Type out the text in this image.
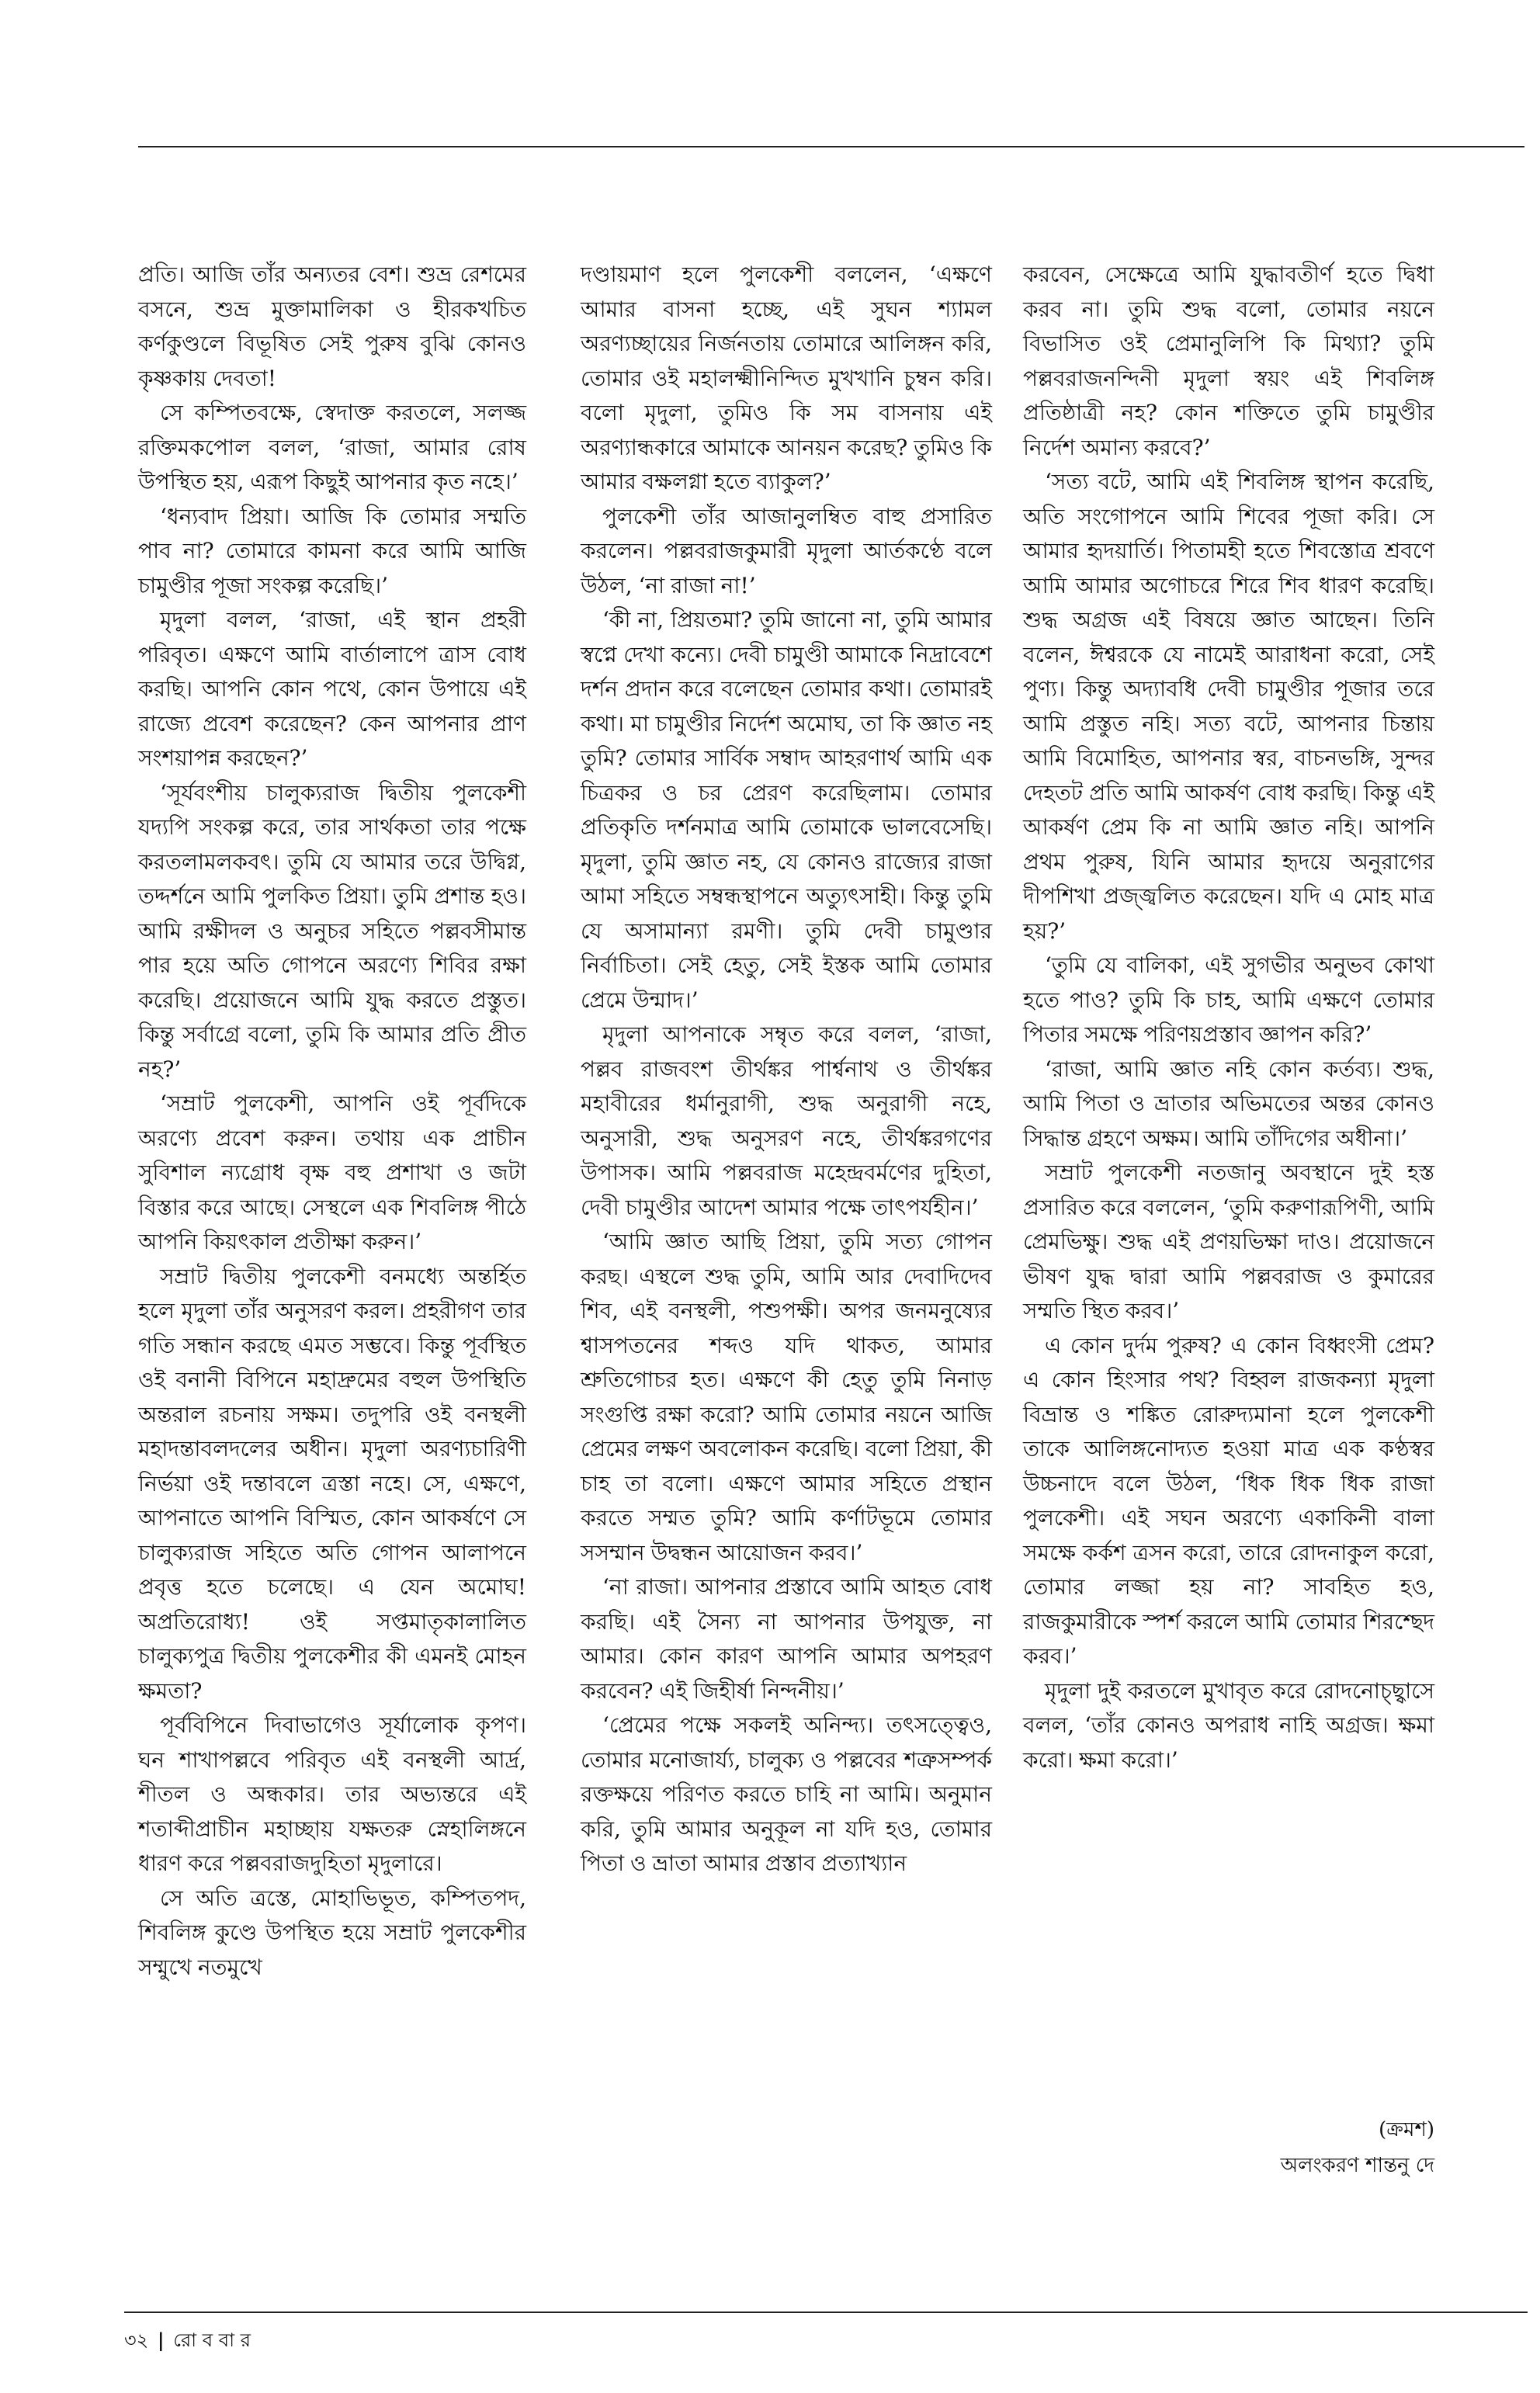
প্রতি। আজি তাঁর অন্যতর বেশ। শুভ্র রেশমের বসনে, শুভ্র মুক্তামালিকা ও হীরকখচিত কর্ণকুণ্ডলে বিভূষিত সেই পুরুষ বুঝি কোনও কৃষ্ণকায় দেবতা!

সে কম্পিতবক্ষে, স্বেদাক্ত করতলে, সলজ্জ রক্তিমকপোল বলল, ‘রাজা, আমার রোষ উপস্থিত হয়, এরূপ কিছুই আপনার কৃত নহে।’

‘ধন্যবাদ প্রিয়া। আজি কি তোমার সম্মতি পাব না? তোমারে কামনা করে আমি আজি চামুণ্ডীর পূজা সংকল্প করেছি।’

মৃদুলা বলল, ‘রাজা, এই স্থান প্রহরী পরিবৃত। এক্ষণে আমি বার্তালাপে ত্রাস বোধ করছি। আপনি কোন পথে, কোন উপায়ে এই রাজ্যে প্রবেশ করেছেন? কেন আপনার প্রাণ সংশয়াপন্ন করছেন?’

‘সূর্যবংশীয় চালুক্যরাজ দ্বিতীয় পুলকেশী যদ্যপি সংকল্প করে, তার সার্থকতা তার পক্ষে করতলামলকবৎ। তুমি যে আমার তরে উদ্বিগ্ন, তদ্দর্শনে আমি পুলকিত প্রিয়া। তুমি প্রশান্ত হও। আমি রক্ষীদল ও অনুচর সহিতে পল্লবসীমান্ত পার হয়ে অতি গোপনে অরণ্যে শিবির রক্ষা করেছি। প্রয়োজনে আমি যুদ্ধ করতে প্রস্তুত। কিন্তু সর্বাগ্রে বলো, তুমি কি আমার প্রতি প্রীত নহ?’

‘সম্রাট পুলকেশী, আপনি ওই পূর্বদিকে অরণ্যে প্রবেশ করুন। তথায় এক প্রাচীন সুবিশাল ন্যগ্রোধ বৃক্ষ বহু প্রশাখা ও জটা বিস্তার করে আছে। সেস্থলে এক শিবলিঙ্গ পীঠে আপনি কিয়ৎকাল প্রতীক্ষা করুন।’

সম্রাট দ্বিতীয় পুলকেশী বনমধ্যে অন্তর্হিত হলে মৃদুলা তাঁর অনুসরণ করল। প্রহরীগণ তার গতি সন্ধান করছে এমত সম্ভবে। কিন্তু পূর্বস্থিত ওই বনানী বিপিনে মহাদ্রুমের বহুল উপস্থিতি অন্তরাল রচনায় সক্ষম। তদুপরি ওই বনস্থলী মহাদন্তাবলদলের অধীন। মৃদুলা অরণ্যচারিণী নির্ভয়া ওই দন্তাবলে ত্রস্তা নহে। সে, এক্ষণে, আপনাতে আপনি বিস্মিত, কোন আকর্ষণে সে চালুক্যরাজ সহিতে অতি গোপন আলাপনে প্রবৃত্ত হতে চলেছে। এ যেন অমোঘ! অপ্রতিরোধ্য! ওই সপ্তমাতৃকালালিত চালুক্যপুত্র দ্বিতীয় পুলকেশীর কী এমনই মোহন ক্ষমতা?

পূর্ববিপিনে দিবাভাগেও সূর্যালোক কৃপণ। ঘন শাখাপল্লবে পরিবৃত এই বনস্থলী আর্দ্র, শীতল ও অন্ধকার। তার অভ্যন্তরে এই শতাব্দীপ্রাচীন মহাচ্ছায় যক্ষতরু স্নেহালিঙ্গনে ধারণ করে পল্লবরাজদুহিতা মৃদুলারে।

সে অতি ত্রস্তে, মোহাভিভূত, কম্পিতপদ, শিবলিঙ্গ কুণ্ডে উপস্থিত হয়ে সম্রাট পুলকেশীর সম্মুখে নতমুখে

দণ্ডায়মাণ হলে পুলকেশী বললেন, ‘এক্ষণে আমার বাসনা হচ্ছে, এই সুঘন শ্যামল অরণ্যচ্ছায়ের নির্জনতায় তোমারে আলিঙ্গন করি, তোমার ওই মহালক্ষ্মীনিন্দিত মুখখানি চুম্বন করি। বলো মৃদুলা, তুমিও কি সম বাসনায় এই অরণ্যান্ধকারে আমাকে আনয়ন করেছ? তুমিও কি আমার বক্ষলগ্না হতে ব্যাকুল?’

পুলকেশী তাঁর আজানুলম্বিত বাহু প্রসারিত করলেন। পল্লবরাজকুমারী মৃদুলা আর্তকণ্ঠে বলে উঠল, ‘না রাজা না!’

‘কী না, প্রিয়তমা? তুমি জানো না, তুমি আমার স্বপ্নে দেখা কন্যে। দেবী চামুণ্ডী আমাকে নিদ্রাবেশে দর্শন প্রদান করে বলেছেন তোমার কথা। তোমারই কথা। মা চামুণ্ডীর নির্দেশ অমোঘ, তা কি জ্ঞাত নহ তুমি? তোমার সার্বিক সম্বাদ আহরণার্থ আমি এক চিত্রকর ও চর প্রেরণ করেছিলাম। তোমার প্রতিকৃতি দর্শনমাত্র আমি তোমাকে ভালবেসেছি। মৃদুলা, তুমি জ্ঞাত নহ, যে কোনও রাজ্যের রাজা আমা সহিতে সম্বন্ধস্থাপনে অত্যুৎসাহী। কিন্তু তুমি যে অসামান্যা রমণী। তুমি দেবী চামুণ্ডার নির্বাচিতা। সেই হেতু, সেই ইস্তক আমি তোমার প্রেমে উন্মাদ।’

মৃদুলা আপনাকে সম্বৃত করে বলল, ‘রাজা, পল্লব রাজবংশ তীর্থঙ্কর পার্শ্বনাথ ও তীর্থঙ্কর মহাবীরের ধর্মানুরাগী, শুদ্ধ অনুরাগী নহে, অনুসারী, শুদ্ধ অনুসরণ নহে, তীর্থঙ্করগণের উপাসক। আমি পল্লবরাজ মহেন্দ্রবর্মণের দুহিতা, দেবী চামুণ্ডীর আদেশ আমার পক্ষে তাৎপর্যহীন।’

‘আমি জ্ঞাত আছি প্রিয়া, তুমি সত্য গোপন করছ। এস্থলে শুদ্ধ তুমি, আমি আর দেবাদিদেব শিব, এই বনস্থলী, পশুপক্ষী। অপর জনমনুষ্যের শ্বাসপতনের শব্দও যদি থাকত, আমার শ্রুতিগোচর হত। এক্ষণে কী হেতু তুমি নিনাড় সংগুপ্তি রক্ষা করো? আমি তোমার নয়নে আজি প্রেমের লক্ষণ অবলোকন করেছি। বলো প্রিয়া, কী চাহ তা বলো। এক্ষণে আমার সহিতে প্রস্থান করতে সম্মত তুমি? আমি কর্ণাটভূমে তোমার সসম্মান উদ্বন্ধন আয়োজন করব।’

‘না রাজা। আপনার প্রস্তাবে আমি আহত বোধ করছি। এই সৈন্য না আপনার উপযুক্ত, না আমার। কোন কারণ আপনি আমার অপহরণ করবেন? এই জিহীর্ষা নিন্দনীয়।’

‘প্রেমের পক্ষে সকলই অনিন্দ্য। তৎসত্ত্বেও, তোমার মনোজার্য্য, চালুক্য ও পল্লবের শত্রুসম্পর্ক রক্তক্ষয়ে পরিণত করতে চাহি না আমি। অনুমান করি, তুমি আমার অনুকূল না যদি হও, তোমার পিতা ও ভ্রাতা আমার প্রস্তাব প্রত্যাখ্যান

করবেন, সেক্ষেত্রে আমি যুদ্ধাবতীর্ণ হতে দ্বিধা করব না। তুমি শুদ্ধ বলো, তোমার নয়নে বিভাসিত ওই প্রেমানুলিপি কি মিথ্যা? তুমি পল্লবরাজনন্দিনী মৃদুলা স্বয়ং এই শিবলিঙ্গ প্রতিষ্ঠাত্রী নহ? কোন শক্তিতে তুমি চামুণ্ডীর নির্দেশ অমান্য করবে?’

‘সত্য বটে, আমি এই শিবলিঙ্গ স্থাপন করেছি, অতি সংগোপনে আমি শিবের পূজা করি। সে আমার হৃদয়ার্তি। পিতামহী হতে শিবস্তোত্র শ্রবণে আমি আমার অগোচরে শিরে শিব ধারণ করেছি। শুদ্ধ অগ্রজ এই বিষয়ে জ্ঞাত আছেন। তিনি বলেন, ঈশ্বরকে যে নামেই আরাধনা করো, সেই পুণ্য। কিন্তু অদ্যাবধি দেবী চামুণ্ডীর পূজার তরে আমি প্রস্তুত নহি। সত্য বটে, আপনার চিন্তায় আমি বিমোহিত, আপনার স্বর, বাচনভঙ্গি, সুন্দর দেহতট প্রতি আমি আকর্ষণ বোধ করছি। কিন্তু এই আকর্ষণ প্রেম কি না আমি জ্ঞাত নহি। আপনি প্রথম পুরুষ, যিনি আমার হৃদয়ে অনুরাগের দীপশিখা প্রজ্জ্বলিত করেছেন। যদি এ মোহ মাত্র হয়?’

‘তুমি যে বালিকা, এই সুগভীর অনুভব কোথা হতে পাও? তুমি কি চাহ, আমি এক্ষণে তোমার পিতার সমক্ষে পরিণয়প্রস্তাব জ্ঞাপন করি?’

‘রাজা, আমি জ্ঞাত নহি কোন কর্তব্য। শুদ্ধ, আমি পিতা ও ভ্রাতার অভিমতের অন্তর কোনও সিদ্ধান্ত গ্রহণে অক্ষম। আমি তাঁদিগের অধীনা।’

সম্রাট পুলকেশী নতজানু অবস্থানে দুই হস্ত প্রসারিত করে বললেন, ‘তুমি করুণারূপিণী, আমি প্রেমভিক্ষু। শুদ্ধ এই প্রণয়ভিক্ষা দাও। প্রয়োজনে ভীষণ যুদ্ধ দ্বারা আমি পল্লবরাজ ও কুমারের সম্মতি স্থিত করব।’

এ কোন দুর্দম পুরুষ? এ কোন বিধ্বংসী প্রেম? এ কোন হিংসার পথ? বিহ্বল রাজকন্যা মৃদুলা বিভ্রান্ত ও শঙ্কিত রোরুদ্যমানা হলে পুলকেশী তাকে আলিঙ্গনোদ্যত হওয়া মাত্র এক কণ্ঠস্বর উচ্চনাদে বলে উঠল, ‘ধিক ধিক ধিক রাজা পুলকেশী। এই সঘন অরণ্যে একাকিনী বালা সমক্ষে কর্কশ ত্রসন করো, তারে রোদনাকুল করো, তোমার লজ্জা হয় না? সাবহিত হও, রাজকুমারীকে স্পর্শ করলে আমি তোমার শিরশ্ছেদ করব।’

মৃদুলা দুই করতলে মুখাবৃত করে রোদনোচ্ছ্বাসে বলল, ‘তাঁর কোনও অপরাধ নাহি অগ্রজ। ক্ষমা করো। ক্ষমা করো।’

(ক্রমশ)
অলংকরণ শান্তনু দে
৩২ | রো ব বা র
